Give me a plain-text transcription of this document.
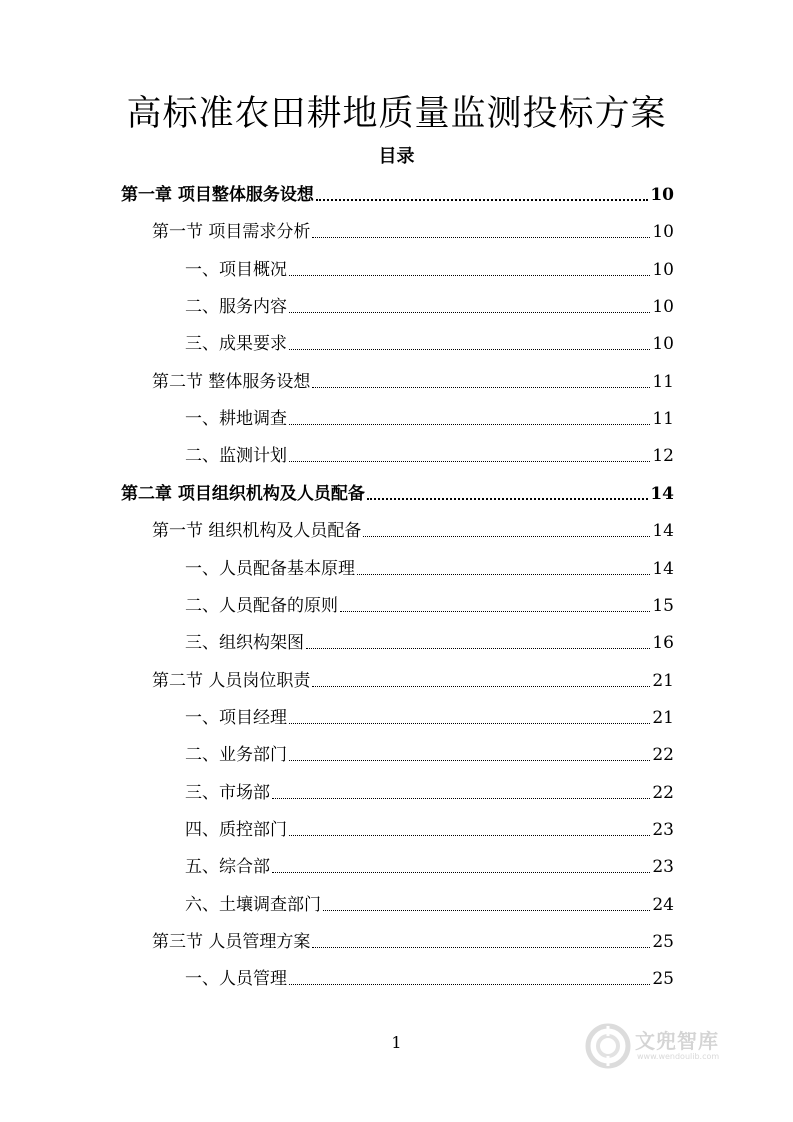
高标准农田耕地质量监测投标方案
目录
第一章 项目整体服务设想	10
第一节 项目需求分析	10
一、项目概况	10
二、服务内容	10
三、成果要求	10
第二节 整体服务设想	11
一、耕地调查	11
二、监测计划	12
第二章 项目组织机构及人员配备	14
第一节 组织机构及人员配备	14
一、人员配备基本原理	14
二、人员配备的原则	15
三、组织构架图	16
第二节 人员岗位职责	21
一、项目经理	21
二、业务部门	22
三、市场部	22
四、质控部门	23
五、综合部	23
六、土壤调查部门	24
第三节 人员管理方案	25
一、人员管理	25
1	文兜智库
www.wendoulib.com
